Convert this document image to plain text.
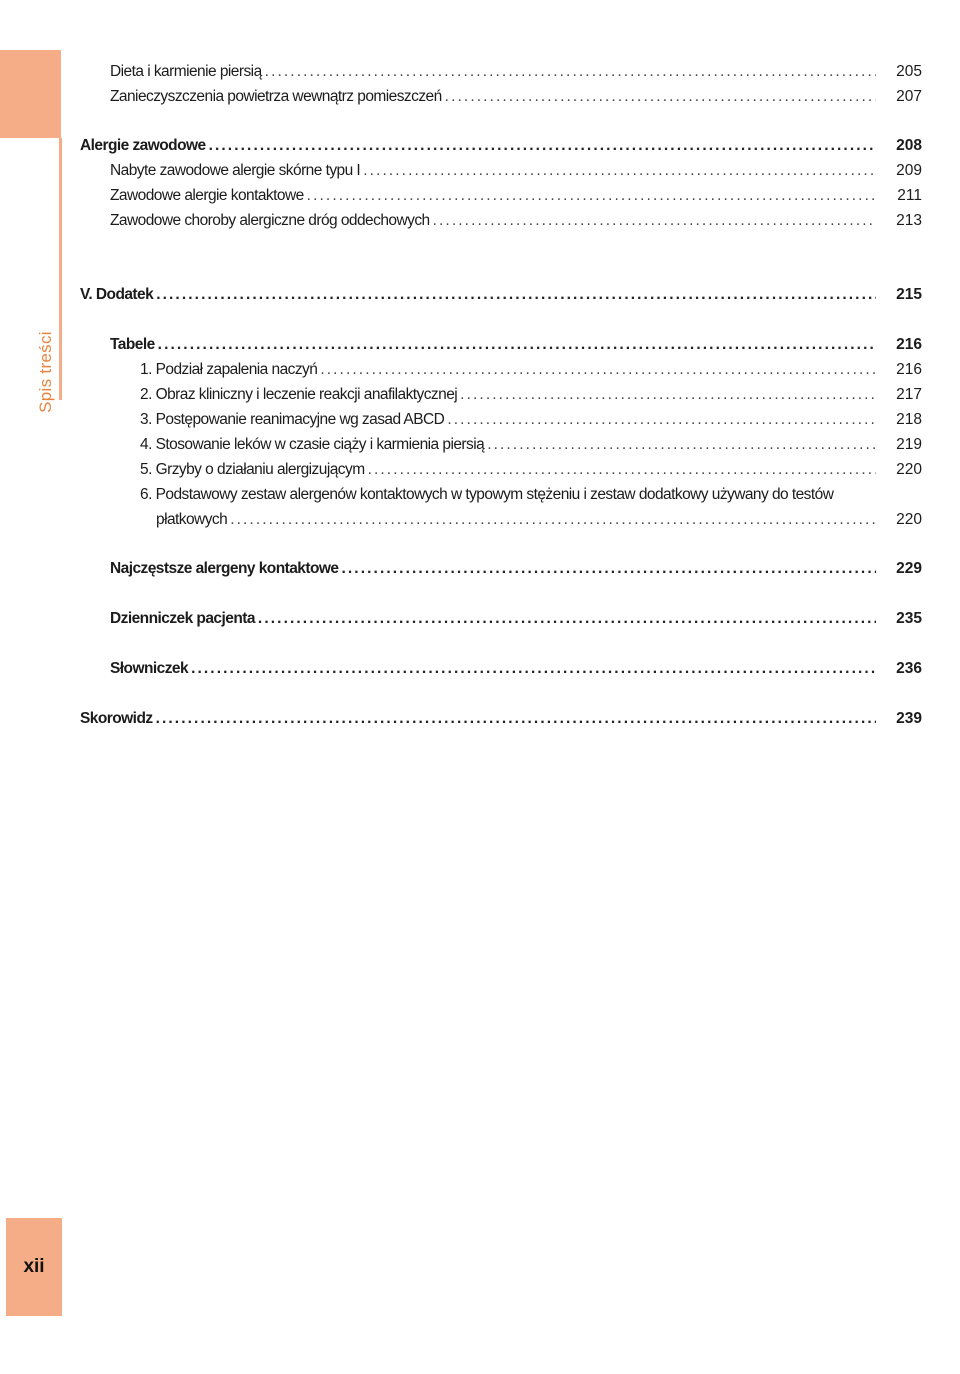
Spis treści
Dieta i karmienie piersią . . .	205
Zanieczyszczenia powietrza wewnątrz pomieszczeń . . .	207
Alergie zawodowe . . .	208
Nabyte zawodowe alergie skórne typu I . . .	209
Zawodowe alergie kontaktowe . . .	211
Zawodowe choroby alergiczne dróg oddechowych . . .	213
V. Dodatek . . .	215
Tabele . . .	216
1. Podział zapalenia naczyń . . .	216
2. Obraz kliniczny i leczenie reakcji anafilaktycznej . . .	217
3. Postępowanie reanimacyjne wg zasad ABCD . . .	218
4. Stosowanie leków w czasie ciąży i karmienia piersią . . .	219
5. Grzyby o działaniu alergizującym . . .	220
6. Podstawowy zestaw alergenów kontaktowych w typowym stężeniu i zestaw dodatkowy używany do testów
płatkowych . . .	220
Najczęstsze alergeny kontaktowe . . .	229
Dzienniczek pacjenta . . .	235
Słowniczek . . .	236
Skorowidz . . .	239
xii
